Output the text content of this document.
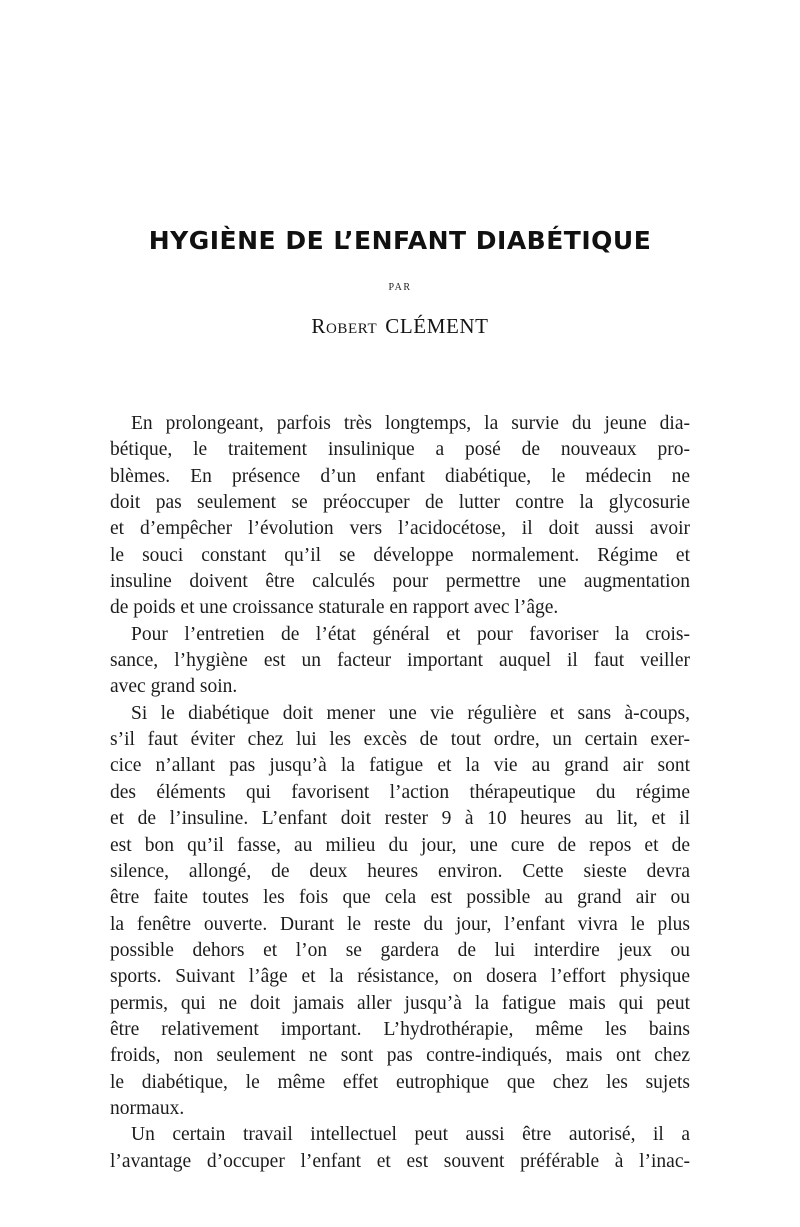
HYGIÈNE DE L’ENFANT DIABÉTIQUE
PAR
Robert CLÉMENT
En prolongeant, parfois très longtemps, la survie du jeune dia-
bétique, le traitement insulinique a posé de nouveaux pro-
blèmes. En présence d’un enfant diabétique, le médecin ne
doit pas seulement se préoccuper de lutter contre la glycosurie
et d’empêcher l’évolution vers l’acidocétose, il doit aussi avoir
le souci constant qu’il se développe normalement. Régime et
insuline doivent être calculés pour permettre une augmentation
de poids et une croissance staturale en rapport avec l’âge.
Pour l’entretien de l’état général et pour favoriser la crois-
sance, l’hygiène est un facteur important auquel il faut veiller
avec grand soin.
Si le diabétique doit mener une vie régulière et sans à-coups,
s’il faut éviter chez lui les excès de tout ordre, un certain exer-
cice n’allant pas jusqu’à la fatigue et la vie au grand air sont
des éléments qui favorisent l’action thérapeutique du régime
et de l’insuline. L’enfant doit rester 9 à 10 heures au lit, et il
est bon qu’il fasse, au milieu du jour, une cure de repos et de
silence, allongé, de deux heures environ. Cette sieste devra
être faite toutes les fois que cela est possible au grand air ou
la fenêtre ouverte. Durant le reste du jour, l’enfant vivra le plus
possible dehors et l’on se gardera de lui interdire jeux ou
sports. Suivant l’âge et la résistance, on dosera l’effort physique
permis, qui ne doit jamais aller jusqu’à la fatigue mais qui peut
être relativement important. L’hydrothérapie, même les bains
froids, non seulement ne sont pas contre-indiqués, mais ont chez
le diabétique, le même effet eutrophique que chez les sujets
normaux.
Un certain travail intellectuel peut aussi être autorisé, il a
l’avantage d’occuper l’enfant et est souvent préférable à l’inac-
